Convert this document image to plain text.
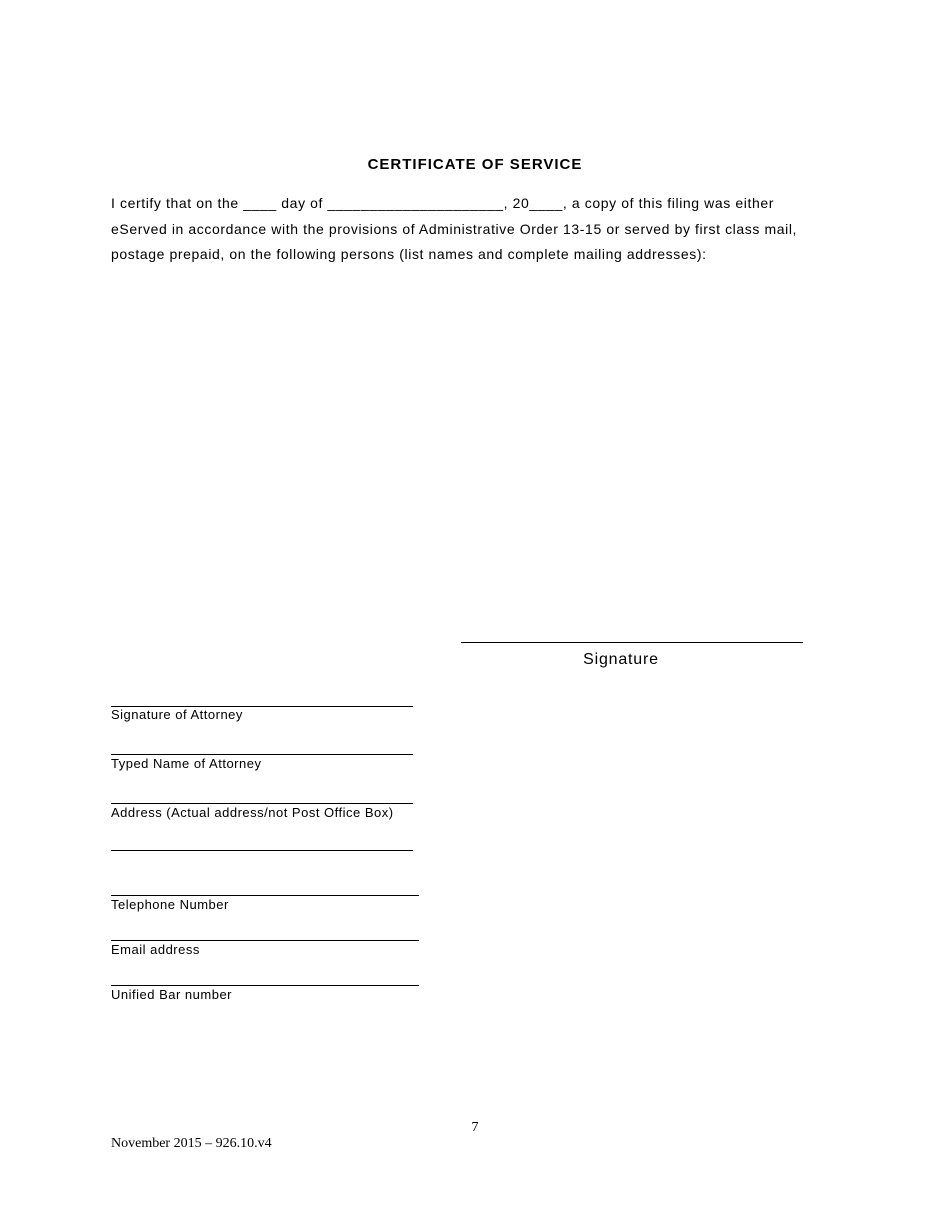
CERTIFICATE OF SERVICE
I certify that on the ____ day of _____________________, 20____, a copy of this filing was either
eServed in accordance with the provisions of Administrative Order 13-15 or served by first class mail,
postage prepaid, on the following persons (list names and complete mailing addresses):
Signature
Signature of Attorney
Typed Name of Attorney
Address (Actual address/not Post Office Box)
Telephone Number
Email address
Unified Bar number
7
November 2015 – 926.10.v4
